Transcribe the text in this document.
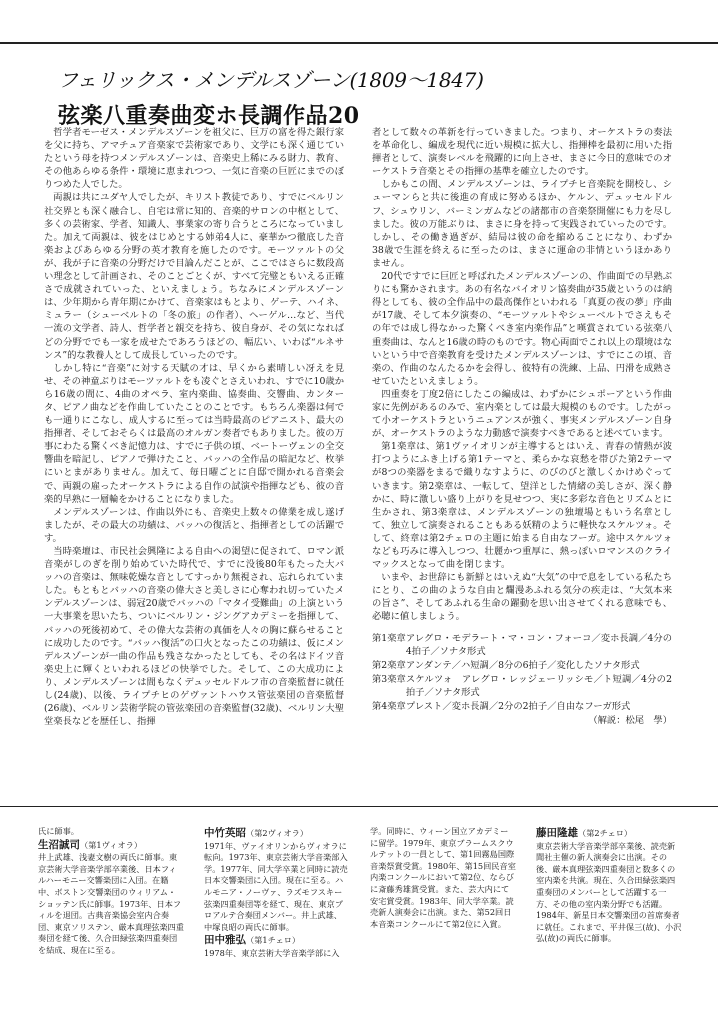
フェリックス・メンデルスゾーン(1809〜1847)
弦楽八重奏曲変ホ長調作品20

哲学者モーゼス・メンデルスゾーンを祖父に、巨万の富を得た銀行家を父に持ち、アマチュア音楽家で芸術家であり、文学にも深く通じていたという母を持つメンデルスゾーンは、音楽史上稀にみる財力、教育、その他あらゆる条件・環境に恵まれつつ、一気に音楽の巨匠にまでのぼりつめた人でした。

両親は共にユダヤ人でしたが、キリスト教徒であり、すでにベルリン社交界とも深く融合し、自宅は常に知的、音楽的サロンの中枢として、多くの芸術家、学者、知識人、事業家の寄り合うところになっていました。加えて両親は、彼をはじめとする姉弟4人に、豪華かつ徹底した音楽およびあらゆる分野の英才教育を施したのです。モーツァルトの父が、我が子に音楽の分野だけで目論んだことが、ここではさらに数段高い理念として計画され、そのことごとくが、すべて完璧ともいえる正確さで成就されていった、といえましょう。ちなみにメンデルスゾーンは、少年期から青年期にかけて、音楽家はもとより、ゲーテ、ハイネ、ミュラー（シューベルトの「冬の旅」の作者）、ヘーゲル…など、当代一流の文学者、詩人、哲学者と親交を持ち、彼自身が、その気になればどの分野ででも一家を成せたであろうほどの、幅広い、いわば“ルネサンス”的な教養人として成長していったのです。

しかし特に“音楽”に対する天賦の才は、早くから素晴しい冴えを見せ、その神童ぶりはモーツァルトをも凌ぐとさえいわれ、すでに10歳から16歳の間に、4曲のオペラ、室内楽曲、協奏曲、交響曲、カンタータ、ピアノ曲などを作曲していたことのことです。もちろん楽器は何でも一通りにこなし、成人するに至っては当時最高のピアニスト、最大の指揮者、そしておそらくは最高のオルガン奏者でもありました。彼の万事にわたる驚くべき記憶力は、すでに子供の頃、ベートーヴェンの全交響曲を暗記し、ピアノで弾けたこと、バッハの全作品の暗記など、枚挙にいとまがありません。加えて、毎日曜ごとに自邸で開かれる音楽会で、両親の雇ったオーケストラによる自作の試演や指揮なども、彼の音楽的早熟に一層輪をかけることになりました。

メンデルスゾーンは、作曲以外にも、音楽史上数々の偉業を成し遂げましたが、その最大の功績は、バッハの復活と、指揮者としての活躍です。

当時楽壇は、市民社会興隆による自由への渇望に促されて、ロマン派音楽がしのぎを削り始めていた時代で、すでに没後80年もたった大バッハの音楽は、無味乾燥な音としてすっかり無視され、忘れられていました。もともとバッハの音楽の偉大さと美しさに心奪われ切っていたメンデルスゾーンは、弱冠20歳でバッハの「マタイ受難曲」の上演という一大事業を思いたち、ついにベルリン・ジングアカデミーを指揮して、バッハの死後初めて、その偉大な芸術の真価を人々の胸に蘇らせることに成功したのです。“バッハ復活”の口火となったこの功績は、仮にメンデルスゾーンが一曲の作品も残さなかったとしても、その名はドイツ音楽史上に輝くといわれるほどの快挙でした。そして、この大成功により、メンデルスゾーンは間もなくデュッセルドルフ市の音楽監督に就任し(24歳)、以後、ライプチヒのゲヴァントハウス管弦楽団の音楽監督(26歳)、ベルリン芸術学院の管弦楽団の音楽監督(32歳)、ベルリン大聖堂楽長などを歴任し、指揮

者として数々の革新を行っていきました。つまり、オーケストラの奏法を革命化し、編成を現代に近い規模に拡大し、指揮棒を最初に用いた指揮者として、演奏レベルを飛躍的に向上させ、まさに今日的意味でのオーケストラ音楽とその指揮の基準を確立したのです。

しかもこの間、メンデルスゾーンは、ライプチヒ音楽院を開校し、シューマンらと共に後進の育成に努めるほか、ケルン、デュッセルドルフ、シュウリン、バーミンガムなどの諸都市の音楽祭開催にも力を尽しました。彼の万能ぶりは、まさに身を持って実践されていったのです。しかし、その働き過ぎが、結局は彼の命を縮めることになり、わずか38歳で生涯を終えるに至ったのは、まさに運命の非情というほかありません。

20代ですでに巨匠と呼ばれたメンデルスゾーンの、作曲面での早熟ぶりにも驚かされます。あの有名なバイオリン協奏曲が35歳というのは納得としても、彼の全作品中の最高傑作といわれる「真夏の夜の夢」序曲が17歳、そして本夕演奏の、“モーツァルトやシューベルトでさえもその年では成し得なかった驚くべき室内楽作品”と嘆賞されている弦楽八重奏曲は、なんと16歳の時のものです。物心両面でこれ以上の環境はないという中で音楽教育を受けたメンデルスゾーンは、すでにこの頃、音楽の、作曲のなんたるかを会得し、彼特有の洗練、上品、円滑を成熟させていたといえましょう。

四重奏を丁度2倍にしたこの編成は、わずかにシュポーアという作曲家に先例があるのみで、室内楽としては最大規模のものです。したがって小オーケストラというニュアンスが強く、事実メンデルスゾーン自身が、オーケストラのような力動感で演奏すべきであると述べています。

第1楽章は、第1ヴァイオリンが主導するとはいえ、青春の情熱が波打つようにふき上げる第1テーマと、柔らかな哀愁を帯びた第2テーマが8つの楽器をまるで織りなすように、のびのびと激しくかけめぐっていきます。第2楽章は、一転して、望洋とした情緒の美しさが、深く静かに、時に激しい盛り上がりを見せつつ、実に多彩な音色とリズムとに生かされ、第3楽章は、メンデルスゾーンの独壇場ともいう名章として、独立して演奏されることもある妖精のように軽快なスケルツォ。そして、終章は第2チェロの主題に始まる自由なフーガ。途中スケルツォなども巧みに導入しつつ、壮麗かつ重厚に、熱っぽいロマンスのクライマックスとなって曲を閉じます。

いまや、お世辞にも新鮮とはいえぬ“大気”の中で息をしている私たちにとり、この曲のような自由と爛漫あふれる気分の疾走は、“大気本来の旨さ”、そしてあふれる生命の躍動を思い出させてくれる意味でも、必聴に値しましょう。

第1楽章 アレグロ・モデラート・マ・コン・フォーコ／変ホ長調／4分の4拍子／ソナタ形式
第2楽章 アンダンテ／ハ短調／8分の6拍子／変化したソナタ形式
第3楽章 スケルツォ　アレグロ・レッジェーリッシモ／ト短調／4分の2拍子／ソナタ形式
第4楽章 プレスト／変ホ長調／2分の2拍子／自由なフーガ形式
（解説：松尾　學）

氏に師事。

生沼誠司（第1ヴィオラ）

井上武雄、浅妻文樹の両氏に師事。東京芸術大学音楽学部卒業後、日本フィルハーモニー交響楽団に入団。在籍中、ボストン交響楽団のウィリアム・ショッテン氏に師事。1973年、日本フィルを退団。古典音楽協会室内合奏団、東京ソリステン、厳本真理弦楽四重奏団を経て後、久合田緑弦楽四重奏団を結成、現在に至る。

中竹英昭（第2ヴィオラ）

1971年、ヴァイオリンからヴィオラに転向。1973年、東京芸術大学音楽部入学。1977年、同大学卒業と同時に読売日本交響楽団に入団。現在に至る。ハルモニア・ノーヴァ、ラズモフスキー弦楽四重奏団等を経て、現在、東京プロアルテ合奏団メンバー。井上武雄、中塚良昭の両氏に師事。

田中雅弘（第1チェロ）

1978年、東京芸術大学音楽学部に入

学。同時に、ウィーン国立アカデミーに留学。1979年、東京ブラームスクウルテットの一員として、第1回霧島国際音楽祭賞受賞。1980年、第15回民音室内楽コンクールにおいて第2位、ならびに斎藤秀雄賞受賞。また、芸大内にて安宅賞受賞。1983年、同大学卒業。読売新人演奏会に出演。また、第52回日本音楽コンクールにて第2位に入賞。

藤田隆雄（第2チェロ）

東京芸術大学音楽学部卒業後、読売新聞社主催の新人演奏会に出演。その後、厳本真理弦楽四重奏団と数多くの室内楽を共演。現在、久合田緑弦楽四重奏団のメンバーとして活躍する一方、その他の室内楽分野でも活躍。1984年、新星日本交響楽団の首席奏者に就任。これまで、平井保三(故)、小沢弘(故)の両氏に師事。
